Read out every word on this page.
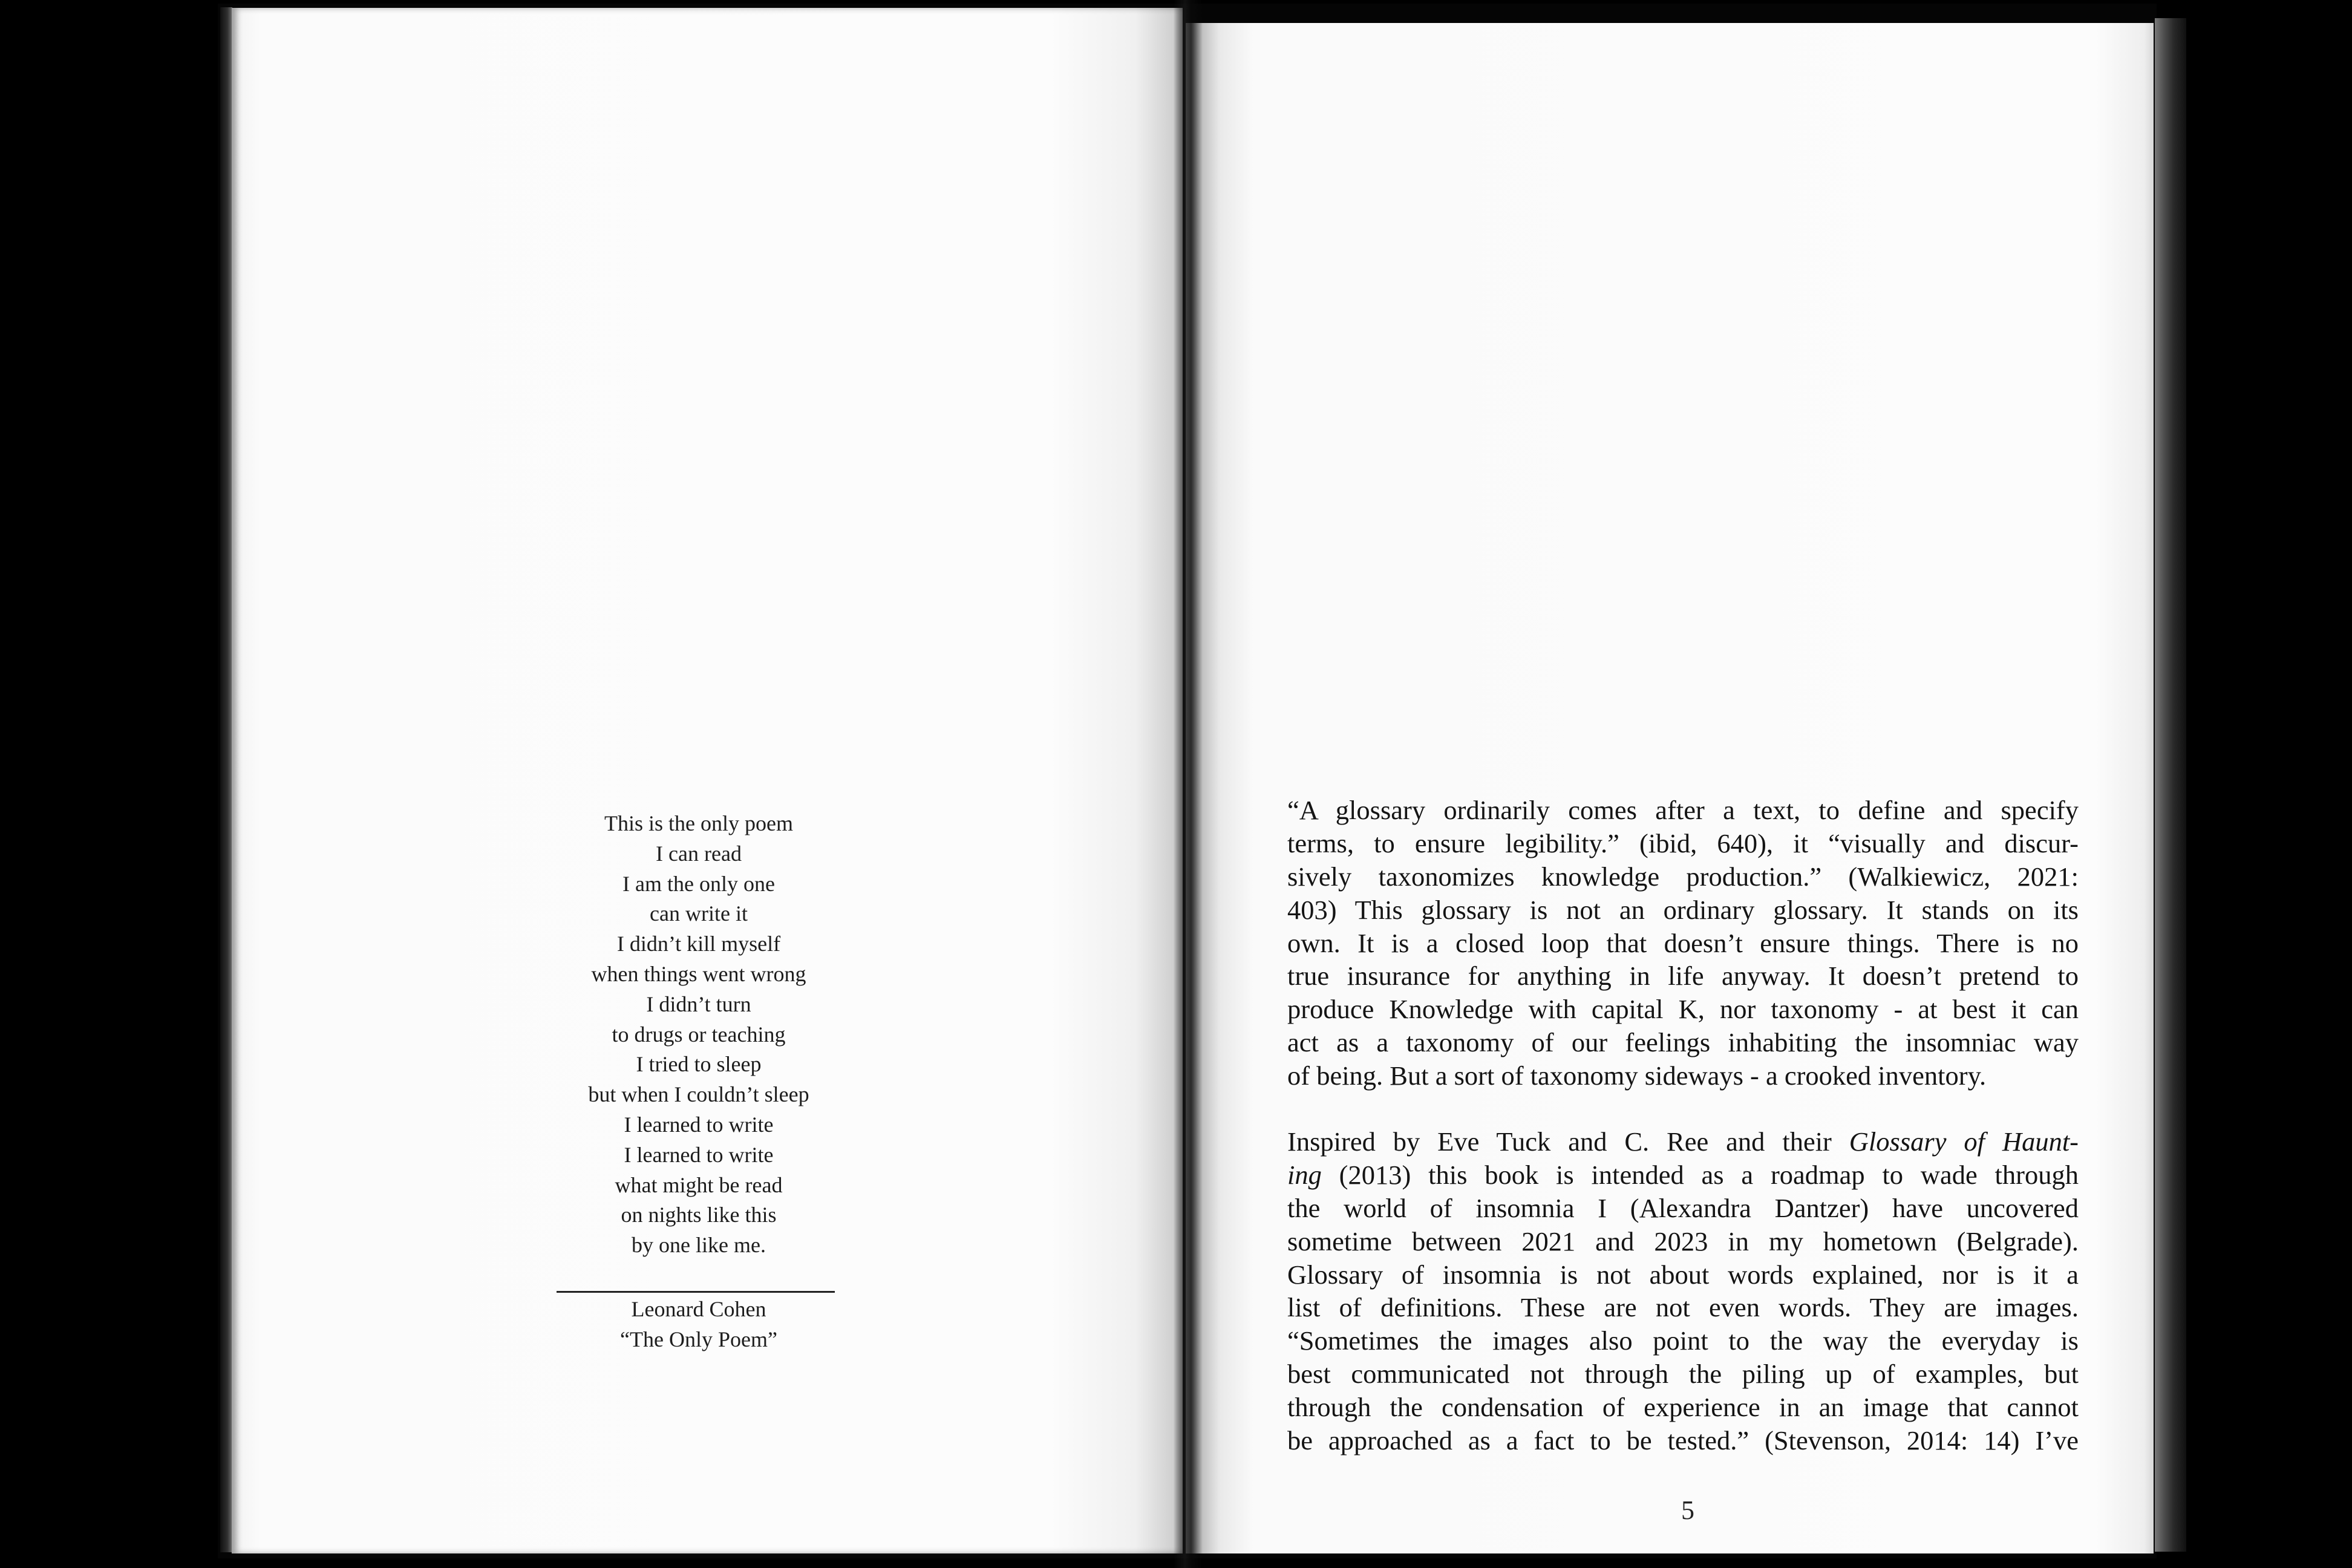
This is the only poem
I can read
I am the only one
can write it
I didn’t kill myself
when things went wrong
I didn’t turn
to drugs or teaching
I tried to sleep
but when I couldn’t sleep
I learned to write
I learned to write
what might be read
on nights like this
by one like me.
Leonard Cohen
“The Only Poem”
“A glossary ordinarily comes after a text, to define and specify
terms, to ensure legibility.” (ibid, 640), it “visually and discur-
sively taxonomizes knowledge production.” (Walkiewicz, 2021:
403) This glossary is not an ordinary glossary. It stands on its
own. It is a closed loop that doesn’t ensure things. There is no
true insurance for anything in life anyway. It doesn’t pretend to
produce Knowledge with capital K, nor taxonomy - at best it can
act as a taxonomy of our feelings inhabiting the insomniac way
of being. But a sort of taxonomy sideways - a crooked inventory.
Inspired by Eve Tuck and C. Ree and their Glossary of Haunt-
ing (2013) this book is intended as a roadmap to wade through
the world of insomnia I (Alexandra Dantzer) have uncovered
sometime between 2021 and 2023 in my hometown (Belgrade).
Glossary of insomnia is not about words explained, nor is it a
list of definitions. These are not even words. They are images.
“Sometimes the images also point to the way the everyday is
best communicated not through the piling up of examples, but
through the condensation of experience in an image that cannot
be approached as a fact to be tested.” (Stevenson, 2014: 14) I’ve
5
